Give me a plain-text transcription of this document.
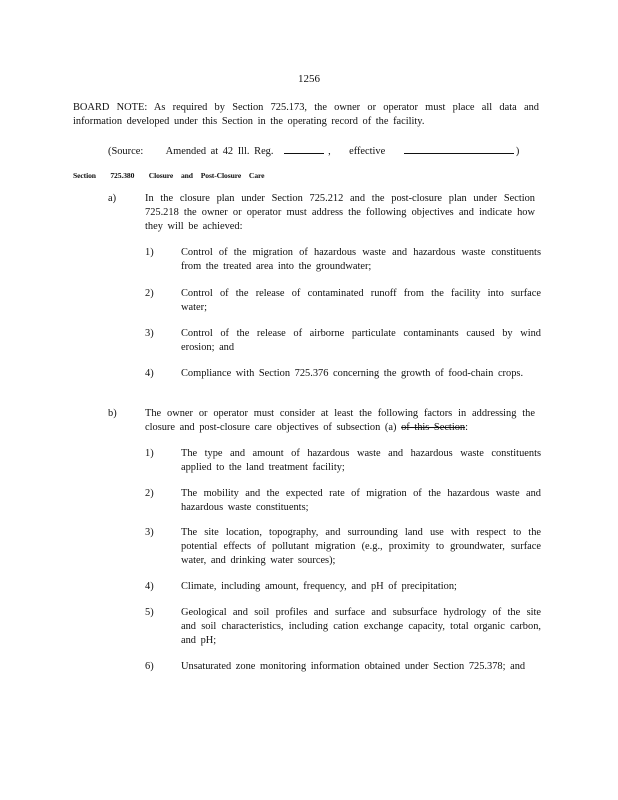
1256
BOARD NOTE: As required by Section 725.173, the owner or operator must place all data and information developed under this Section in the operating record of the facility.
(Source: Amended at 42 Ill. Reg.	, effective	)
Section 725.380 Closure and Post-Closure Care
a)	In the closure plan under Section 725.212 and the post-closure plan under Section 725.218 the owner or operator must address the following objectives and indicate how they will be achieved:
1)	Control of the migration of hazardous waste and hazardous waste constituents from the treated area into the groundwater;
2)	Control of the release of contaminated runoff from the facility into surface water;
3)	Control of the release of airborne particulate contaminants caused by wind erosion; and
4)	Compliance with Section 725.376 concerning the growth of food-chain crops.
b)	The owner or operator must consider at least the following factors in addressing the closure and post-closure care objectives of subsection (a) of this Section:
1)	The type and amount of hazardous waste and hazardous waste constituents applied to the land treatment facility;
2)	The mobility and the expected rate of migration of the hazardous waste and hazardous waste constituents;
3)	The site location, topography, and surrounding land use with respect to the potential effects of pollutant migration (e.g., proximity to groundwater, surface water, and drinking water sources);
4)	Climate, including amount, frequency, and pH of precipitation;
5)	Geological and soil profiles and surface and subsurface hydrology of the site and soil characteristics, including cation exchange capacity, total organic carbon, and pH;
6)	Unsaturated zone monitoring information obtained under Section 725.378; and
